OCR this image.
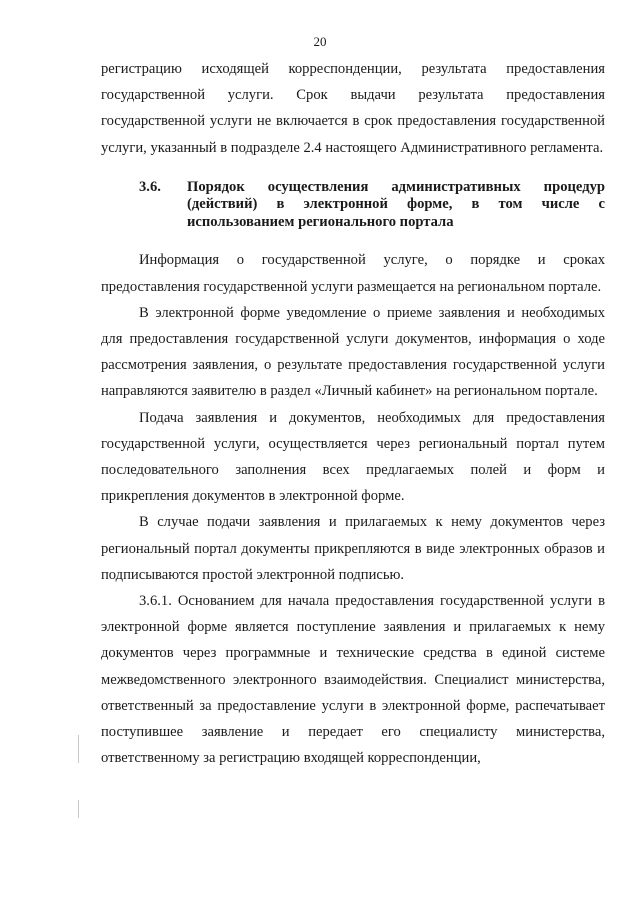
20

регистрацию исходящей корреспонденции, результата предоставления государственной услуги. Срок выдачи результата предоставления государственной услуги не включается в срок предоставления государственной услуги, указанный в подразделе 2.4 настоящего Административного регламента.

3.6.	Порядок осуществления административных процедур (действий) в электронной форме, в том числе с использованием регионального портала

Информация о государственной услуге, о порядке и сроках предоставления государственной услуги размещается на региональном портале.

В электронной форме уведомление о приеме заявления и необходимых для предоставления государственной услуги документов, информация о ходе рассмотрения заявления, о результате предоставления государственной услуги направляются заявителю в раздел «Личный кабинет» на региональном портале.

Подача заявления и документов, необходимых для предоставления государственной услуги, осуществляется через региональный портал путем последовательного заполнения всех предлагаемых полей и форм и прикрепления документов в электронной форме.

В случае подачи заявления и прилагаемых к нему документов через региональный портал документы прикрепляются в виде электронных образов и подписываются простой электронной подписью.

3.6.1. Основанием для начала предоставления государственной услуги в электронной форме является поступление заявления и прилагаемых к нему документов через программные и технические средства в единой системе межведомственного электронного взаимодействия. Специалист министерства, ответственный за предоставление услуги в электронной форме, распечатывает поступившее заявление и передает его специалисту министерства, ответственному за регистрацию входящей корреспонденции,
